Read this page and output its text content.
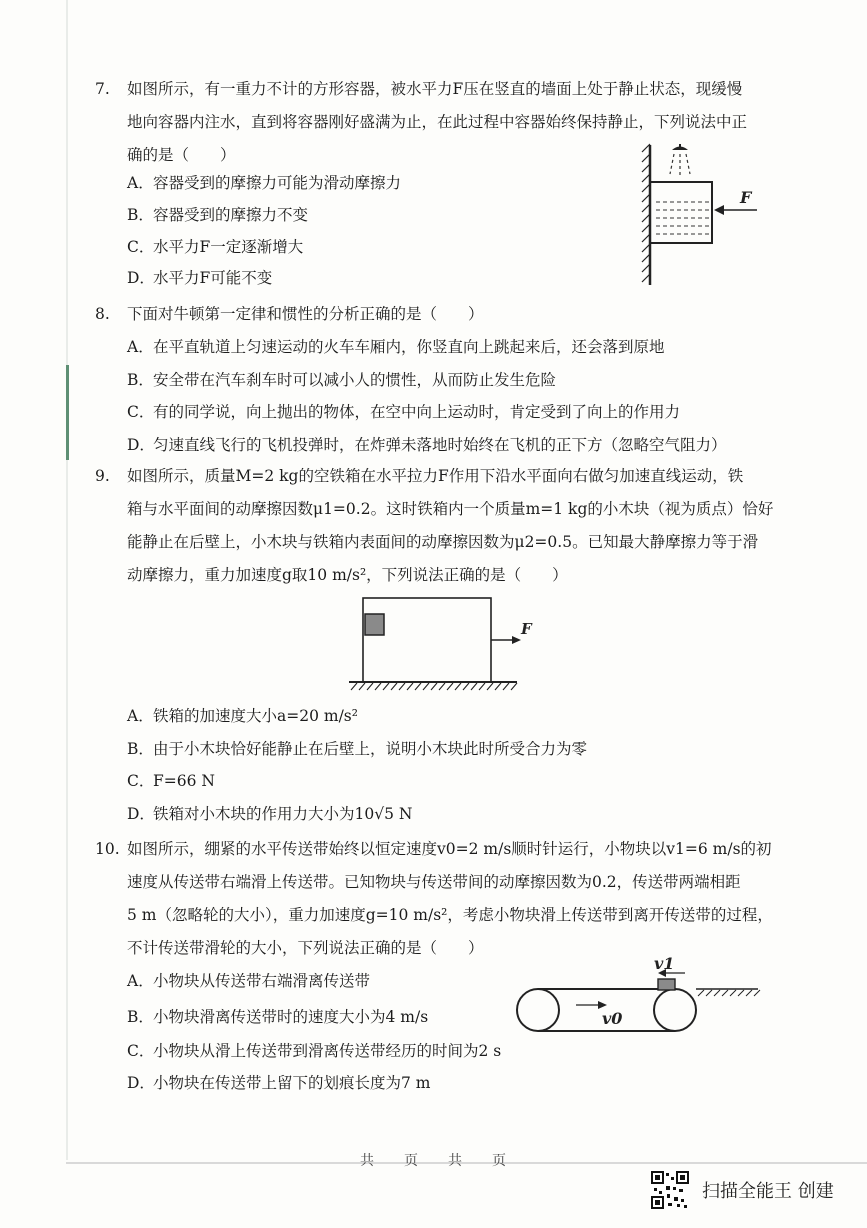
7.	如图所示，有一重力不计的方形容器，被水平力F压在竖直的墙面上处于静止状态，现缓慢
地向容器内注水，直到将容器刚好盛满为止，在此过程中容器始终保持静止，下列说法中正
确的是（　　）
A．容器受到的摩擦力可能为滑动摩擦力
B．容器受到的摩擦力不变
C．水平力F一定逐渐增大
D．水平力F可能不变
F
8.	下面对牛顿第一定律和惯性的分析正确的是（　　）
A．在平直轨道上匀速运动的火车车厢内，你竖直向上跳起来后，还会落到原地
B．安全带在汽车刹车时可以减小人的惯性，从而防止发生危险
C．有的同学说，向上抛出的物体，在空中向上运动时，肯定受到了向上的作用力
D．匀速直线飞行的飞机投弹时，在炸弹未落地时始终在飞机的正下方（忽略空气阻力）
9.	如图所示，质量M=2 kg的空铁箱在水平拉力F作用下沿水平面向右做匀加速直线运动，铁
箱与水平面间的动摩擦因数μ1=0.2。这时铁箱内一个质量m=1 kg的小木块（视为质点）恰好
能静止在后壁上，小木块与铁箱内表面间的动摩擦因数为μ2=0.5。已知最大静摩擦力等于滑
动摩擦力，重力加速度g取10 m/s²，下列说法正确的是（　　）
F
A．铁箱的加速度大小a=20 m/s²
B．由于小木块恰好能静止在后壁上，说明小木块此时所受合力为零
C．F=66 N
D．铁箱对小木块的作用力大小为10√5 N
10. 如图所示，绷紧的水平传送带始终以恒定速度v0=2 m/s顺时针运行，小物块以v1=6 m/s的初
速度从传送带右端滑上传送带。已知物块与传送带间的动摩擦因数为0.2，传送带两端相距
5 m（忽略轮的大小），重力加速度g=10 m/s²，考虑小物块滑上传送带到离开传送带的过程，
不计传送带滑轮的大小，下列说法正确的是（　　）
A．小物块从传送带右端滑离传送带
B．小物块滑离传送带时的速度大小为4 m/s
C．小物块从滑上传送带到滑离传送带经历的时间为2 s
D．小物块在传送带上留下的划痕长度为7 m
v1
v0
共　页　共　页
扫描全能王 创建
